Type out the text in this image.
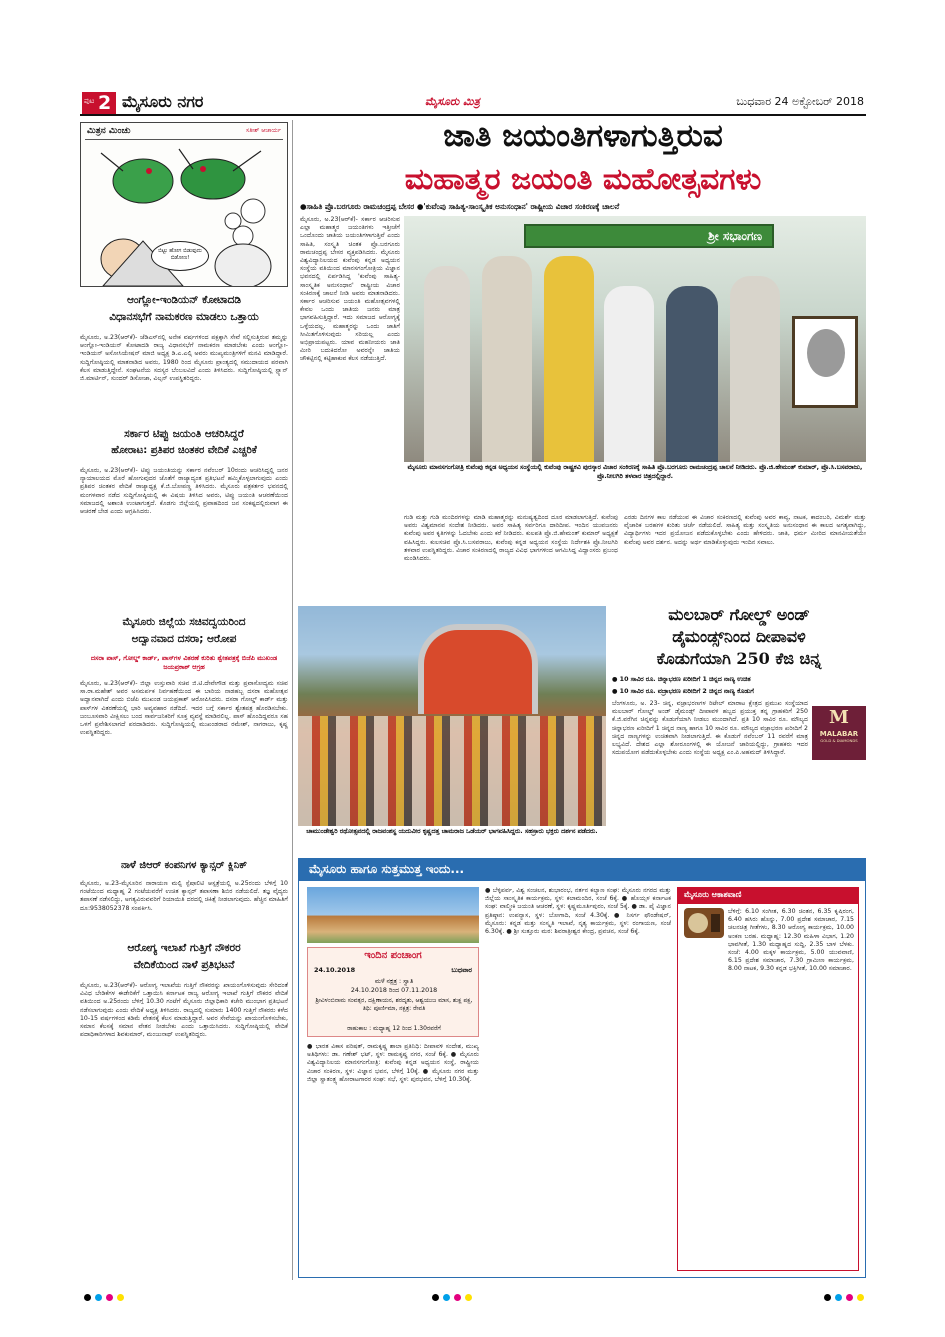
ಪುಟ 2 ಮೈಸೂರು ನಗರ	ಮೈಸೂರು ಮಿತ್ರ	ಬುಧವಾರ 24 ಅಕ್ಟೋಬರ್ 2018
ಮಿತ್ರನ ಮಿಂಚು	ಸತೀಶ್ ಆಚಾರ್ಯ
ಬಿಟ್ಟು ಹೋಗ ಬಿಡುವುದು ಬಿಡೋಣ!
ಆಂಗ್ಲೋ-ಇಂಡಿಯನ್ ಕೋಟಾದಡಿ
ವಿಧಾನಸಭೆಗೆ ನಾಮಕರಣ ಮಾಡಲು ಒತ್ತಾಯ
ಮೈಸೂರು, ಅ.23(ಆರ್‌ಕೆ)- ಜೆಡಿಎಸ್‌ನಲ್ಲಿ ಅನೇಕ ವರ್ಷಗಳಿಂದ ಪಕ್ಷಕ್ಕಾಗಿ ಸೇವೆ ಸಲ್ಲಿಸುತ್ತಿರುವ ತಮ್ಮನ್ನು ಆಂಗ್ಲೋ-ಇಂಡಿಯನ್ ಕೋಟಾದಡಿ ರಾಜ್ಯ ವಿಧಾನಸಭೆಗೆ ನಾಮಕರಣ ಮಾಡಬೇಕು ಎಂದು ಆಂಗ್ಲೋ-ಇಂಡಿಯನ್ ಅಸೋಸಿಯೇಷನ್ ಮಾಜಿ ಅಧ್ಯಕ್ಷ ಡಿ.ಎ.ಎಲ್ಸಿ ಅವರು ಮುಖ್ಯಮಂತ್ರಿಗಳಿಗೆ ಮನವಿ ಮಾಡಿದ್ದಾರೆ. ಸುದ್ದಿಗೋಷ್ಠಿಯಲ್ಲಿ ಮಾತನಾಡಿದ ಅವರು, 1980 ರಿಂದ ಮೈಸೂರು ಪ್ರಾಂತ್ಯದಲ್ಲಿ ಸಮುದಾಯದ ಪರವಾಗಿ ಕೆಲಸ ಮಾಡುತ್ತಿದ್ದೇನೆ. ಸಂಘಟನೆಯ ಸದಸ್ಯರ ಬೆಂಬಲವಿದೆ ಎಂದು ತಿಳಿಸಿದರು. ಸುದ್ದಿಗೋಷ್ಠಿಯಲ್ಲಿ ಸ್ಟ್ಯಾನ್ ಜಿ.ಮಾರ್ಟಿನ್, ಸುಂದರ್ ಡಿಸೋಜಾ, ವಿಲ್ಸನ್ ಉಪಸ್ಥಿತರಿದ್ದರು.
ಸರ್ಕಾರ ಟಿಪ್ಪು ಜಯಂತಿ ಆಚರಿಸಿದ್ದರೆ
ಹೋರಾಟ: ಪ್ರತಿಪರ ಚಿಂತಕರ ವೇದಿಕೆ ಎಚ್ಚರಿಕೆ
ಮೈಸೂರು, ಅ.23(ಆರ್‌ಕೆ)- ಟಿಪ್ಪು ಜಯಂತಿಯನ್ನು ಸರ್ಕಾರ ನವೆಂಬರ್ 10ರಂದು ಆಚರಿಸಿದ್ದಲ್ಲಿ ಜನರ ನ್ಯಾಯಾಲಯದ ಮೊರೆ ಹೋಗುವುದರ ಜೊತೆಗೆ ರಾಜ್ಯಾದ್ಯಂತ ಪ್ರತಿಭಟನೆ ಹಮ್ಮಿಕೊಳ್ಳಲಾಗುವುದು ಎಂದು ಪ್ರತಿಪರ ಚಿಂತಕರ ವೇದಿಕೆ ರಾಜ್ಯಾಧ್ಯಕ್ಷ ಕೆ.ಜಿ.ಬೋಪಣ್ಣ ತಿಳಿಸಿದರು. ಮೈಸೂರು ಪತ್ರಕರ್ತರ ಭವನದಲ್ಲಿ ಮಂಗಳವಾರ ನಡೆದ ಸುದ್ದಿಗೋಷ್ಠಿಯಲ್ಲಿ ಈ ವಿಷಯ ತಿಳಿಸಿದ ಅವರು, ಟಿಪ್ಪು ಜಯಂತಿ ಆಚರಣೆಯಿಂದ ಸಮಾಜದಲ್ಲಿ ಅಶಾಂತಿ ಉಂಟಾಗುತ್ತದೆ. ಕೊಡಗು ಜಿಲ್ಲೆಯಲ್ಲಿ ಪ್ರವಾಹದಿಂದ ಜನ ಸಂಕಷ್ಟದಲ್ಲಿರುವಾಗ ಈ ಆಚರಣೆ ಬೇಡ ಎಂದು ಆಗ್ರಹಿಸಿದರು.
ಮೈಸೂರು ಜಿಲ್ಲೆಯ ಸಚಿವದ್ವಯರಿಂದ
ಅದ್ವಾನವಾದ ದಸರಾ; ಆರೋಪ
ದಸರಾ ಪಾಸ್, ಗೋಲ್ಡ್ ಕಾರ್ಡ್, ಪಾಸ್‌ಗಳ ವಿತರಣೆ ಕುರಿತು ಶ್ವೇತಪತ್ರಕ್ಕೆ ಬಿಜೆಪಿ ಮುಖಂಡ ಜಯಪ್ರಕಾಶ್ ಆಗ್ರಹ
ಮೈಸೂರು, ಅ.23(ಆರ್‌ಕೆ)- ಜಿಲ್ಲಾ ಉಸ್ತುವಾರಿ ಸಚಿವ ಜಿ.ಟಿ.ದೇವೇಗೌಡ ಮತ್ತು ಪ್ರವಾಸೋದ್ಯಮ ಸಚಿವ ಸಾ.ರಾ.ಮಹೇಶ್ ಅವರ ಅಸಮರ್ಪಕ ನಿರ್ವಹಣೆಯಿಂದ ಈ ಬಾರಿಯ ನಾಡಹಬ್ಬ ದಸರಾ ಮಹೋತ್ಸವ ಅದ್ವಾನವಾಗಿದೆ ಎಂದು ಬಿಜೆಪಿ ಮುಖಂಡ ಜಯಪ್ರಕಾಶ್ ಆರೋಪಿಸಿದರು. ದಸರಾ ಗೋಲ್ಡ್ ಕಾರ್ಡ್ ಮತ್ತು ಪಾಸ್‌ಗಳ ವಿತರಣೆಯಲ್ಲಿ ಭಾರಿ ಅವ್ಯವಹಾರ ನಡೆದಿದೆ. ಇದರ ಬಗ್ಗೆ ಸರ್ಕಾರ ಶ್ವೇತಪತ್ರ ಹೊರಡಿಸಬೇಕು. ಜಂಬೂಸವಾರಿ ವೀಕ್ಷಿಸಲು ಬಂದ ಸಾರ್ವಜನಿಕರಿಗೆ ಸೂಕ್ತ ವ್ಯವಸ್ಥೆ ಮಾಡಿರಲಿಲ್ಲ. ಪಾಸ್ ಹೊಂದಿದ್ದವರೂ ಸಹ ಒಳಗೆ ಪ್ರವೇಶಿಸಲಾಗದೆ ಪರದಾಡಿದರು. ಸುದ್ದಿಗೋಷ್ಠಿಯಲ್ಲಿ ಮುಖಂಡರಾದ ರಮೇಶ್, ನಾಗರಾಜು, ಕೃಷ್ಣ ಉಪಸ್ಥಿತರಿದ್ದರು.
ನಾಳೆ ಜಿಆರ್ ಕಂಪನಿಗಳ ಕ್ಯಾನ್ಸರ್ ಕ್ಲಿನಿಕ್
ಮೈಸೂರು, ಅ.23-ಮೈಸೂರಿನ ನಾರಾಯಣ ಮಲ್ಟಿ ಸ್ಪೆಷಾಲಿಟಿ ಆಸ್ಪತ್ರೆಯಲ್ಲಿ ಅ.25ರಂದು ಬೆಳಿಗ್ಗೆ 10 ಗಂಟೆಯಿಂದ ಮಧ್ಯಾಹ್ನ 2 ಗಂಟೆಯವರೆಗೆ ಉಚಿತ ಕ್ಯಾನ್ಸರ್ ತಪಾಸಣಾ ಶಿಬಿರ ನಡೆಯಲಿದೆ. ತಜ್ಞ ವೈದ್ಯರು ತಪಾಸಣೆ ನಡೆಸಲಿದ್ದು, ಅಗತ್ಯವಿರುವವರಿಗೆ ರಿಯಾಯಿತಿ ದರದಲ್ಲಿ ಚಿಕಿತ್ಸೆ ನೀಡಲಾಗುವುದು. ಹೆಚ್ಚಿನ ಮಾಹಿತಿಗೆ ದೂ:9538052378 ಸಂಪರ್ಕಿಸಿ.
ಆರೋಗ್ಯ ಇಲಾಖೆ ಗುತ್ತಿಗೆ ನೌಕರರ
ವೇದಿಕೆಯಿಂದ ನಾಳೆ ಪ್ರತಿಭಟನೆ
ಮೈಸೂರು, ಅ.23(ಆರ್‌ಕೆ)- ಆರೋಗ್ಯ ಇಲಾಖೆಯ ಗುತ್ತಿಗೆ ನೌಕರರನ್ನು ಖಾಯಂಗೊಳಿಸುವುದು ಸೇರಿದಂತೆ ವಿವಿಧ ಬೇಡಿಕೆಗಳ ಈಡೇರಿಕೆಗೆ ಒತ್ತಾಯಿಸಿ ಕರ್ನಾಟಕ ರಾಜ್ಯ ಆರೋಗ್ಯ ಇಲಾಖೆ ಗುತ್ತಿಗೆ ನೌಕರರ ವೇದಿಕೆ ವತಿಯಿಂದ ಅ.25ರಂದು ಬೆಳಿಗ್ಗೆ 10.30 ಗಂಟೆಗೆ ಮೈಸೂರು ಜಿಲ್ಲಾಧಿಕಾರಿ ಕಚೇರಿ ಮುಂಭಾಗ ಪ್ರತಿಭಟನೆ ನಡೆಸಲಾಗುವುದು ಎಂದು ವೇದಿಕೆ ಅಧ್ಯಕ್ಷ ತಿಳಿಸಿದರು. ರಾಜ್ಯದಲ್ಲಿ ಸುಮಾರು 1400 ಗುತ್ತಿಗೆ ನೌಕರರು ಕಳೆದ 10-15 ವರ್ಷಗಳಿಂದ ಕಡಿಮೆ ವೇತನಕ್ಕೆ ಕೆಲಸ ಮಾಡುತ್ತಿದ್ದಾರೆ. ಅವರ ಸೇವೆಯನ್ನು ಖಾಯಂಗೊಳಿಸಬೇಕು, ಸಮಾನ ಕೆಲಸಕ್ಕೆ ಸಮಾನ ವೇತನ ನೀಡಬೇಕು ಎಂದು ಒತ್ತಾಯಿಸಿದರು. ಸುದ್ದಿಗೋಷ್ಠಿಯಲ್ಲಿ ವೇದಿಕೆ ಪದಾಧಿಕಾರಿಗಳಾದ ಶಿವಕುಮಾರ್, ಮಂಜುನಾಥ್ ಉಪಸ್ಥಿತರಿದ್ದರು.
ಜಾತಿ ಜಯಂತಿಗಳಾಗುತ್ತಿರುವ
ಮಹಾತ್ಮರ ಜಯಂತಿ ಮಹೋತ್ಸವಗಳು
●ಸಾಹಿತಿ ಪ್ರೊ.ಬರಗೂರು ರಾಮಚಂದ್ರಪ್ಪ ಬೇಸರ ●'ಕುವೆಂಪು ಸಾಹಿತ್ಯ-ಸಾಂಸ್ಕೃತಿಕ ಅನುಸಂಧಾನ' ರಾಷ್ಟ್ರೀಯ ವಿಚಾರ ಸಂಕಿರಣಕ್ಕೆ ಚಾಲನೆ
ಮೈಸೂರು, ಅ.23(ಆರ್‌ಕೆ)- ಸರ್ಕಾರ ಆಚರಿಸುವ ಎಲ್ಲಾ ಮಹಾತ್ಮರ ಜಯಂತಿಗಳು ಇತ್ತೀಚೆಗೆ ಒಂದೊಂದು ಜಾತಿಯ ಜಯಂತಿಗಳಾಗುತ್ತಿವೆ ಎಂದು ಸಾಹಿತಿ, ಸಂಸ್ಕೃತಿ ಚಿಂತಕ ಪ್ರೊ.ಬರಗೂರು ರಾಮಚಂದ್ರಪ್ಪ ಬೇಸರ ವ್ಯಕ್ತಪಡಿಸಿದರು. ಮೈಸೂರು ವಿಶ್ವವಿದ್ಯಾನಿಲಯದ ಕುವೆಂಪು ಕನ್ನಡ ಅಧ್ಯಯನ ಸಂಸ್ಥೆಯ ವತಿಯಿಂದ ಮಾನಸಗಂಗೋತ್ರಿಯ ವಿಜ್ಞಾನ ಭವನದಲ್ಲಿ ಏರ್ಪಡಿಸಿದ್ದ 'ಕುವೆಂಪು ಸಾಹಿತ್ಯ-ಸಾಂಸ್ಕೃತಿಕ ಅನುಸಂಧಾನ' ರಾಷ್ಟ್ರೀಯ ವಿಚಾರ ಸಂಕಿರಣಕ್ಕೆ ಚಾಲನೆ ನೀಡಿ ಅವರು ಮಾತನಾಡಿದರು. ಸರ್ಕಾರ ಆಚರಿಸುವ ಜಯಂತಿ ಮಹೋತ್ಸವಗಳಲ್ಲಿ ಕೇವಲ ಒಂದು ಜಾತಿಯ ಜನರು ಮಾತ್ರ ಭಾಗವಹಿಸುತ್ತಿದ್ದಾರೆ. ಇದು ಸಮಾಜದ ಆರೋಗ್ಯಕ್ಕೆ ಒಳ್ಳೆಯದಲ್ಲ. ಮಹಾತ್ಮರನ್ನು ಒಂದು ಜಾತಿಗೆ ಸೀಮಿತಗೊಳಿಸುವುದು ಸರಿಯಲ್ಲ ಎಂದು ಅಭಿಪ್ರಾಯಪಟ್ಟರು. ಯಾವ ಮಹನೀಯರು ಜಾತಿ ಮೀರಿ ಬದುಕಿದರೋ ಅವರನ್ನೇ ಜಾತಿಯ ಚೌಕಟ್ಟಿನಲ್ಲಿ ಕಟ್ಟಿಹಾಕುವ ಕೆಲಸ ನಡೆಯುತ್ತಿದೆ.
ಶ್ರೀ ಸಭಾಂಗಣ
ಮೈಸೂರು ಮಾನಸಗಂಗೋತ್ರಿ ಕುವೆಂಪು ಕನ್ನಡ ಅಧ್ಯಯನ ಸಂಸ್ಥೆಯಲ್ಲಿ ಕುವೆಂಪು ರಾಷ್ಟ್ರಕವಿ ಪುರಸ್ಕಾರ ವಿಚಾರ ಸಂಕಿರಣಕ್ಕೆ ಸಾಹಿತಿ ಪ್ರೊ.ಬರಗೂರು ರಾಮಚಂದ್ರಪ್ಪ ಚಾಲನೆ ನೀಡಿದರು. ಪ್ರೊ.ಜಿ.ಹೇಮಂತ್ ಕುಮಾರ್, ಪ್ರೊ.ಸಿ.ಬಸವರಾಜು, ಪ್ರೊ.ನೀಲಗಿರಿ ತಳವಾರ ಚಿತ್ರದಲ್ಲಿದ್ದಾರೆ.
ಗುಡಿ ಮತ್ತು ಗುಡಿ ಮಂದಿರಗಳನ್ನು ಮಾಡಿ ಮಹಾತ್ಮರನ್ನು ಮನುಷ್ಯತ್ವದಿಂದ ದೂರ ಮಾಡಲಾಗುತ್ತಿದೆ. ಕುವೆಂಪು ಅವರು ವಿಶ್ವಮಾನವ ಸಂದೇಶ ನೀಡಿದರು. ಅವರ ಸಾಹಿತ್ಯ ಸರ್ವರಿಗೂ ದಾರಿದೀಪ. ಇಂದಿನ ಯುವಜನರು ಕುವೆಂಪು ಅವರ ಕೃತಿಗಳನ್ನು ಓದಬೇಕು ಎಂದು ಕರೆ ನೀಡಿದರು. ಕುಲಪತಿ ಪ್ರೊ.ಜಿ.ಹೇಮಂತ್ ಕುಮಾರ್ ಅಧ್ಯಕ್ಷತೆ ವಹಿಸಿದ್ದರು. ಕುಲಸಚಿವ ಪ್ರೊ.ಸಿ.ಬಸವರಾಜು, ಕುವೆಂಪು ಕನ್ನಡ ಅಧ್ಯಯನ ಸಂಸ್ಥೆಯ ನಿರ್ದೇಶಕಿ ಪ್ರೊ.ನೀಲಗಿರಿ ತಳವಾರ ಉಪಸ್ಥಿತರಿದ್ದರು. ವಿಚಾರ ಸಂಕಿರಣದಲ್ಲಿ ರಾಜ್ಯದ ವಿವಿಧ ಭಾಗಗಳಿಂದ ಆಗಮಿಸಿದ್ದ ವಿದ್ವಾಂಸರು ಪ್ರಬಂಧ ಮಂಡಿಸಿದರು.
ಎರಡು ದಿನಗಳ ಕಾಲ ನಡೆಯುವ ಈ ವಿಚಾರ ಸಂಕಿರಣದಲ್ಲಿ ಕುವೆಂಪು ಅವರ ಕಾವ್ಯ, ನಾಟಕ, ಕಾದಂಬರಿ, ವಿಮರ್ಶೆ ಮತ್ತು ವೈಚಾರಿಕ ಬರಹಗಳ ಕುರಿತು ಚರ್ಚೆ ನಡೆಯಲಿದೆ. ಸಾಹಿತ್ಯ ಮತ್ತು ಸಂಸ್ಕೃತಿಯ ಅನುಸಂಧಾನ ಈ ಕಾಲದ ಅಗತ್ಯವಾಗಿದ್ದು, ವಿದ್ಯಾರ್ಥಿಗಳು ಇದರ ಪ್ರಯೋಜನ ಪಡೆದುಕೊಳ್ಳಬೇಕು ಎಂದು ಹೇಳಿದರು. ಜಾತಿ, ಧರ್ಮ ಮೀರಿದ ಮಾನವೀಯತೆಯೇ ಕುವೆಂಪು ಅವರ ದರ್ಶನ. ಅದನ್ನು ಅರ್ಥ ಮಾಡಿಕೊಳ್ಳುವುದು ಇಂದಿನ ಸವಾಲು.
ಚಾಮುಂಡೇಶ್ವರಿ ರಥೋತ್ಸವದಲ್ಲಿ ರಾಜವಂಶಸ್ಥ ಯದುವೀರ ಕೃಷ್ಣದತ್ತ ಚಾಮರಾಜ ಒಡೆಯರ್ ಭಾಗವಹಿಸಿದ್ದರು. ಸಹಸ್ರಾರು ಭಕ್ತರು ದರ್ಶನ ಪಡೆದರು.
ಮಲಬಾರ್ ಗೋಲ್ಡ್ ಅಂಡ್
ಡೈಮಂಡ್ಸ್‌ನಿಂದ ದೀಪಾವಳಿ
ಕೊಡುಗೆಯಾಗಿ 250 ಕೆಜಿ ಚಿನ್ನ
● 10 ಸಾವಿರ ರೂ. ಚಿನ್ನಾಭರಣ ಖರೀದಿಗೆ 1 ಚಿನ್ನದ ನಾಣ್ಯ ಉಚಿತ
● 10 ಸಾವಿರ ರೂ. ವಜ್ರಾಭರಣ ಖರೀದಿಗೆ 2 ಚಿನ್ನದ ನಾಣ್ಯ ಕೊಡುಗೆ
ಬೆಂಗಳೂರು, ಅ. 23- ಚಿನ್ನ, ವಜ್ರಾಭರಣಗಳ ರಿಟೇಲ್ ಮಾರಾಟ ಕ್ಷೇತ್ರದ ಪ್ರಮುಖ ಸಂಸ್ಥೆಯಾದ ಮಲಬಾರ್ ಗೋಲ್ಡ್ ಅಂಡ್ ಡೈಮಂಡ್ಸ್ ದೀಪಾವಳಿ ಹಬ್ಬದ ಪ್ರಯುಕ್ತ ತನ್ನ ಗ್ರಾಹಕರಿಗೆ 250 ಕೆ.ಜಿ.ವರೆಗಿನ ಚಿನ್ನವನ್ನು ಕೊಡುಗೆಯಾಗಿ ನೀಡಲು ಮುಂದಾಗಿದೆ. ಪ್ರತಿ 10 ಸಾವಿರ ರೂ. ಮೌಲ್ಯದ ಚಿನ್ನಾಭರಣ ಖರೀದಿಗೆ 1 ಚಿನ್ನದ ನಾಣ್ಯ ಹಾಗೂ 10 ಸಾವಿರ ರೂ. ಮೌಲ್ಯದ ವಜ್ರಾಭರಣ ಖರೀದಿಗೆ 2 ಚಿನ್ನದ ನಾಣ್ಯಗಳನ್ನು ಉಚಿತವಾಗಿ ನೀಡಲಾಗುತ್ತಿದೆ. ಈ ಕೊಡುಗೆ ನವೆಂಬರ್ 11 ರವರೆಗೆ ಮಾತ್ರ ಲಭ್ಯವಿದೆ. ದೇಶದ ಎಲ್ಲಾ ಶೋರೂಂಗಳಲ್ಲಿ ಈ ಯೋಜನೆ ಜಾರಿಯಲ್ಲಿದ್ದು, ಗ್ರಾಹಕರು ಇದರ ಸದುಪಯೋಗ ಪಡೆದುಕೊಳ್ಳಬೇಕು ಎಂದು ಸಂಸ್ಥೆಯ ಅಧ್ಯಕ್ಷ ಎಂ.ಪಿ.ಅಹಮದ್ ತಿಳಿಸಿದ್ದಾರೆ.
M
MALABAR
GOLD & DIAMONDS
ಮೈಸೂರು ಹಾಗೂ ಸುತ್ತಮುತ್ತ ಇಂದು...
ಇಂದಿನ ಪಂಚಾಂಗ
24.10.2018	ಬುಧವಾರ
ಮಳೆ ನಕ್ಷತ್ರ : ಸ್ವಾತಿ
24.10.2018 ರಿಂದ 07.11.2018
ಶ್ರೀವಿಳಂಬಿನಾಮ ಸಂವತ್ಸರ, ದಕ್ಷಿಣಾಯನ, ಶರದೃತು, ಆಶ್ವಯುಜ ಮಾಸ, ಶುಕ್ಲ ಪಕ್ಷ, ತಿಥಿ: ಪೂರ್ಣಿಮಾ, ನಕ್ಷತ್ರ: ರೇವತಿ
ರಾಹುಕಾಲ : ಮಧ್ಯಾಹ್ನ 12 ರಿಂದ 1.30ರವರೆಗೆ
● ಭಾರತ ವಿಕಾಸ ಪರಿಷತ್, ರಾಮಕೃಷ್ಣ ಶಾಲಾ ಪ್ರತಿನಿಧಿ: ದೀಪಾವಳಿ ಸಂದೇಶ, ಮುಖ್ಯ ಅತಿಥಿಗಳು: ಡಾ. ಗಣೇಶ್ ಭಟ್, ಸ್ಥಳ: ರಾಮಕೃಷ್ಣ ನಗರ, ಸಂಜೆ 6ಕ್ಕೆ. ● ಮೈಸೂರು ವಿಶ್ವವಿದ್ಯಾನಿಲಯ ಮಾನಸಗಂಗೋತ್ರಿ: ಕುವೆಂಪು ಕನ್ನಡ ಅಧ್ಯಯನ ಸಂಸ್ಥೆ, ರಾಷ್ಟ್ರೀಯ ವಿಚಾರ ಸಂಕಿರಣ, ಸ್ಥಳ: ವಿಜ್ಞಾನ ಭವನ, ಬೆಳಿಗ್ಗೆ 10ಕ್ಕೆ. ● ಮೈಸೂರು ನಗರ ಮತ್ತು ಜಿಲ್ಲಾ ಸ್ವಾತಂತ್ರ್ಯ ಹೋರಾಟಗಾರರ ಸಂಘ: ಸಭೆ, ಸ್ಥಳ: ಪುರಭವನ, ಬೆಳಿಗ್ಗೆ 10.30ಕ್ಕೆ.
● ಬೆಳ್ಳಿಪರ್ವ, ವಿಶ್ವ ಸಂಚಲನ, ಶುಭಾರಂಭ, ನರ್ತನ ಕಲ್ಯಾಣ ಸಂಘ: ಮೈಸೂರು ನಗರದ ಮತ್ತು ಜಿಲ್ಲೆಯ ಸಾಂಸ್ಕೃತಿಕ ಕಾರ್ಯಕ್ರಮ, ಸ್ಥಳ: ಕಲಾಮಂದಿರ, ಸಂಜೆ 6ಕ್ಕೆ. ● ಹೊಯ್ಸಳ ಕರ್ನಾಟಕ ಸಂಘ: ವಾಲ್ಮೀಕಿ ಜಯಂತಿ ಆಚರಣೆ, ಸ್ಥಳ: ಕೃಷ್ಣಮೂರ್ತಿಪುರಂ, ಸಂಜೆ 5ಕ್ಕೆ. ● ಡಾ. ಪೈ ವಿಜ್ಞಾನ ಪ್ರತಿಷ್ಠಾನ: ಉಪನ್ಯಾಸ, ಸ್ಥಳ: ಬೋಗಾದಿ, ಸಂಜೆ 4.30ಕ್ಕೆ. ● ನಿಸರ್ಗ ಫೌಂಡೇಷನ್, ಮೈಸೂರು: ಕನ್ನಡ ಮತ್ತು ಸಂಸ್ಕೃತಿ ಇಲಾಖೆ, ನೃತ್ಯ ಕಾರ್ಯಕ್ರಮ, ಸ್ಥಳ: ರಂಗಾಯಣ, ಸಂಜೆ 6.30ಕ್ಕೆ. ● ಶ್ರೀ ಸುತ್ತೂರು ಮಠ: ಶಿವರಾತ್ರೀಶ್ವರ ಕೇಂದ್ರ, ಪ್ರವಚನ, ಸಂಜೆ 6ಕ್ಕೆ.
ಮೈಸೂರು ಆಕಾಶವಾಣಿ
ಬೆಳಿಗ್ಗೆ: 6.10 ಸಂಗೀತ, 6.30 ಚಿಂತನ, 6.35 ಕೃಷಿರಂಗ, 6.40 ಹಸಿರು ಹೊನ್ನು, 7.00 ಪ್ರದೇಶ ಸಮಾಚಾರ, 7.15 ಚಲನಚಿತ್ರ ಗೀತೆಗಳು, 8.30 ಆರೋಗ್ಯ ಕಾರ್ಯಕ್ರಮ, 10.00 ಅಂಕಣ ಬರಹ. ಮಧ್ಯಾಹ್ನ: 12.30 ಮಹಿಳಾ ವಿಭಾಗ, 1.20 ಭಾವಗೀತೆ, 1.30 ಮಧ್ಯಾಹ್ನದ ಸುದ್ದಿ, 2.35 ಬಾಳ ಬೆಳಕು. ಸಂಜೆ: 4.00 ಮಕ್ಕಳ ಕಾರ್ಯಕ್ರಮ, 5.00 ಯುವವಾಣಿ, 6.15 ಪ್ರದೇಶ ಸಮಾಚಾರ, 7.30 ಗ್ರಾಮೀಣ ಕಾರ್ಯಕ್ರಮ, 8.00 ನಾಟಕ, 9.30 ಕನ್ನಡ ಭಕ್ತಿಗೀತೆ, 10.00 ಸಮಾಚಾರ.
